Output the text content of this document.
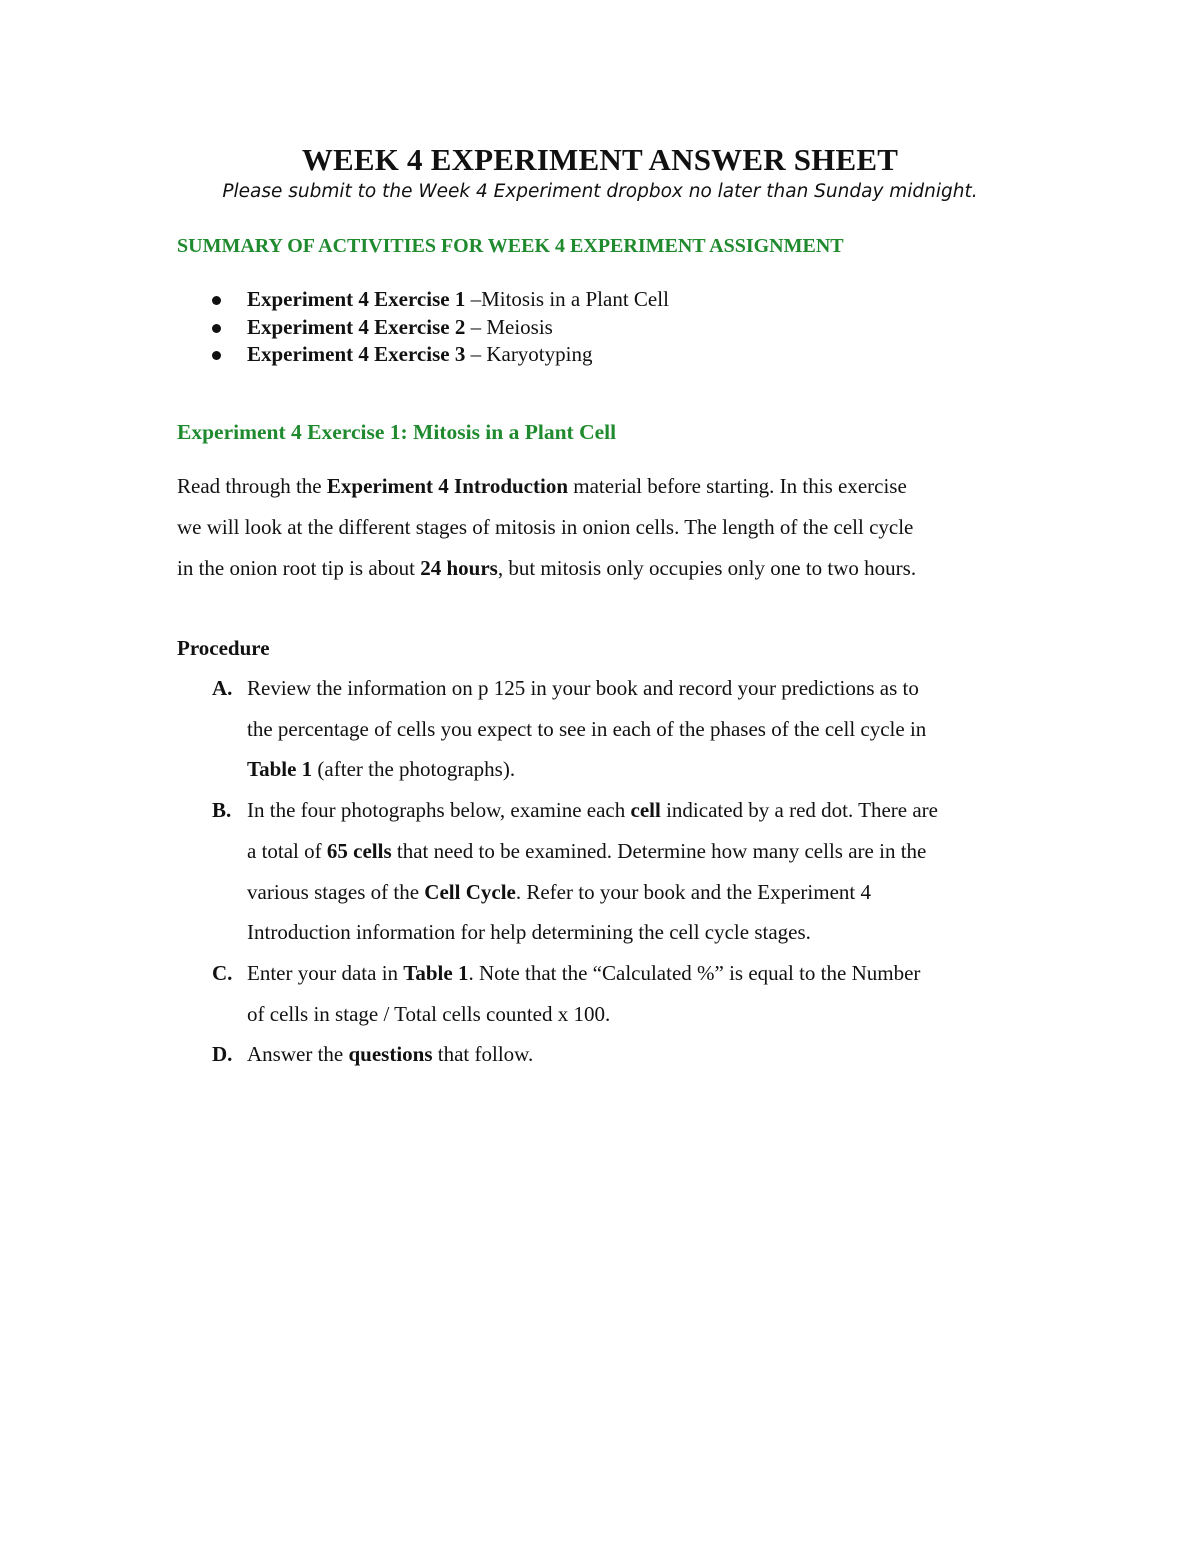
WEEK 4 EXPERIMENT ANSWER SHEET
Please submit to the Week 4 Experiment dropbox no later than Sunday midnight.
SUMMARY OF ACTIVITIES FOR WEEK 4 EXPERIMENT ASSIGNMENT
Experiment 4 Exercise 1 –Mitosis in a Plant Cell
Experiment 4 Exercise 2 – Meiosis
Experiment 4 Exercise 3 – Karyotyping
Experiment 4 Exercise 1: Mitosis in a Plant Cell
Read through the Experiment 4 Introduction material before starting. In this exercise
we will look at the different stages of mitosis in onion cells. The length of the cell cycle
in the onion root tip is about 24 hours, but mitosis only occupies only one to two hours.
Procedure
A. Review the information on p 125 in your book and record your predictions as to
the percentage of cells you expect to see in each of the phases of the cell cycle in
Table 1 (after the photographs).
B. In the four photographs below, examine each cell indicated by a red dot. There are
a total of 65 cells that need to be examined. Determine how many cells are in the
various stages of the Cell Cycle. Refer to your book and the Experiment 4
Introduction information for help determining the cell cycle stages.
C. Enter your data in Table 1. Note that the “Calculated %” is equal to the Number
of cells in stage / Total cells counted x 100.
D. Answer the questions that follow.
